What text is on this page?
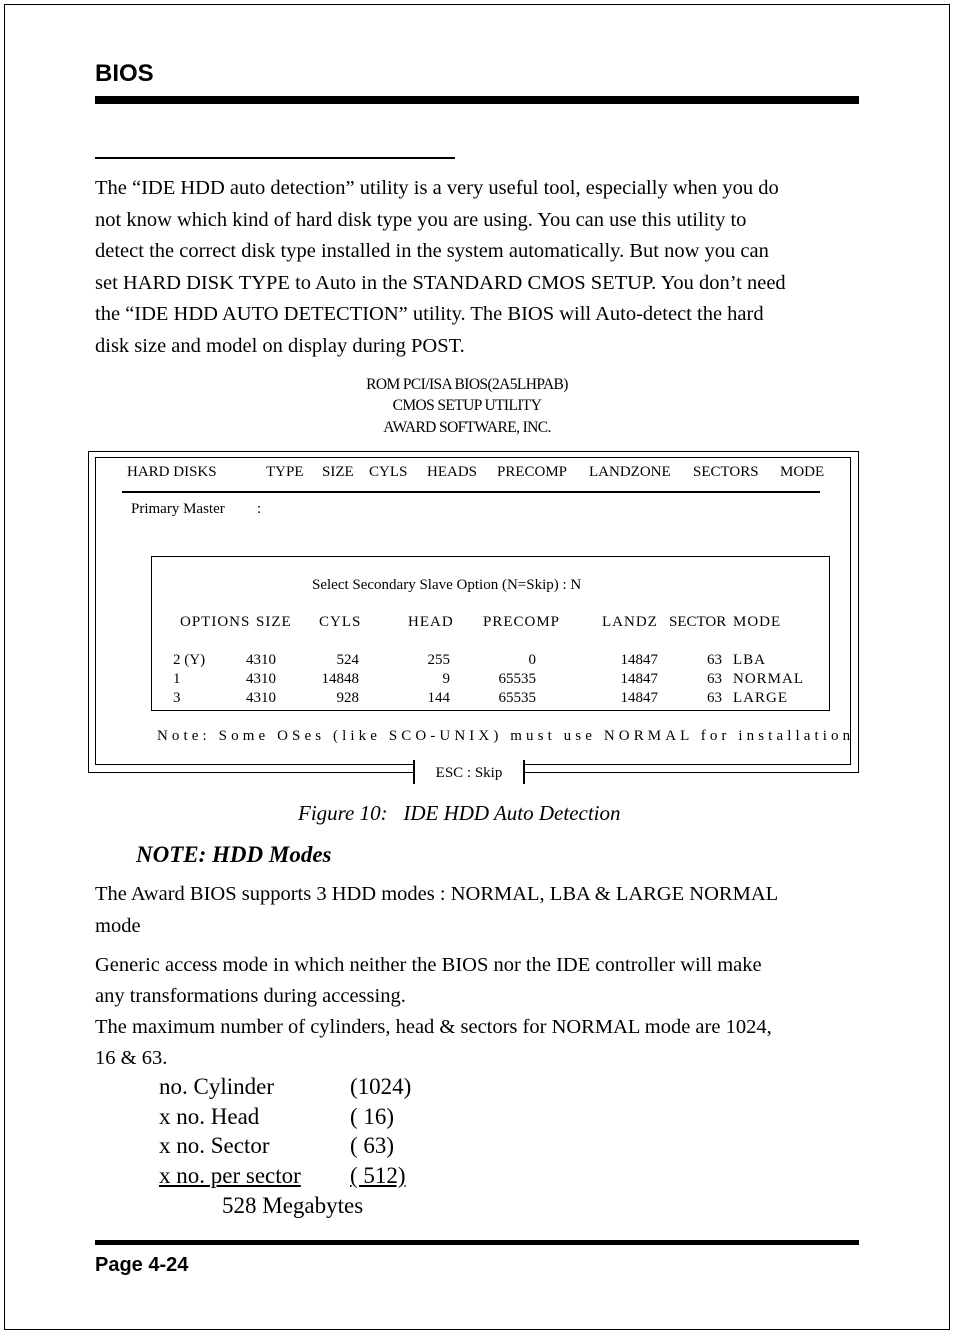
BIOS
The “IDE HDD auto detection” utility is a very useful tool, especially when you do
not know which kind of hard disk type you are using. You can use this utility to
detect the correct disk type installed in the system automatically. But now you can
set HARD DISK TYPE to Auto in the STANDARD CMOS SETUP. You don’t need
the “IDE HDD AUTO DETECTION” utility. The BIOS will Auto-detect the hard
disk size and model on display during POST.
ROM PCI/ISA BIOS(2A5LHPAB)
CMOS SETUP UTILITY
AWARD SOFTWARE, INC.
HARD DISKS	TYPE SIZE CYLS HEADS PRECOMP LANDZONE SECTORS MODE
Primary Master :
Select Secondary Slave Option (N=Skip) : N
OPTIONS SIZE CYLS	HEAD PRECOMP	LANDZ SECTOR MODE
2 (Y)	4310	524	255	0	14847	63 LBA
1	4310	14848	9	65535	14847	63 NORMAL
3	4310	928	144	65535	14847	63 LARGE
Note: Some OSes (like SCO-UNIX) must use NORMAL for installation
ESC : Skip
Figure 10:   IDE HDD Auto Detection
NOTE: HDD Modes
The Award BIOS supports 3 HDD modes : NORMAL, LBA & LARGE NORMAL
mode
Generic access mode in which neither the BIOS nor the IDE controller will make
any transformations during accessing.
The maximum number of cylinders, head & sectors for NORMAL mode are 1024,
16 & 63.
no. Cylinder	(1024)
x no. Head	( 16)
x no. Sector	( 63)
x no. per sector ( 512)
528 Megabytes
Page 4-24
